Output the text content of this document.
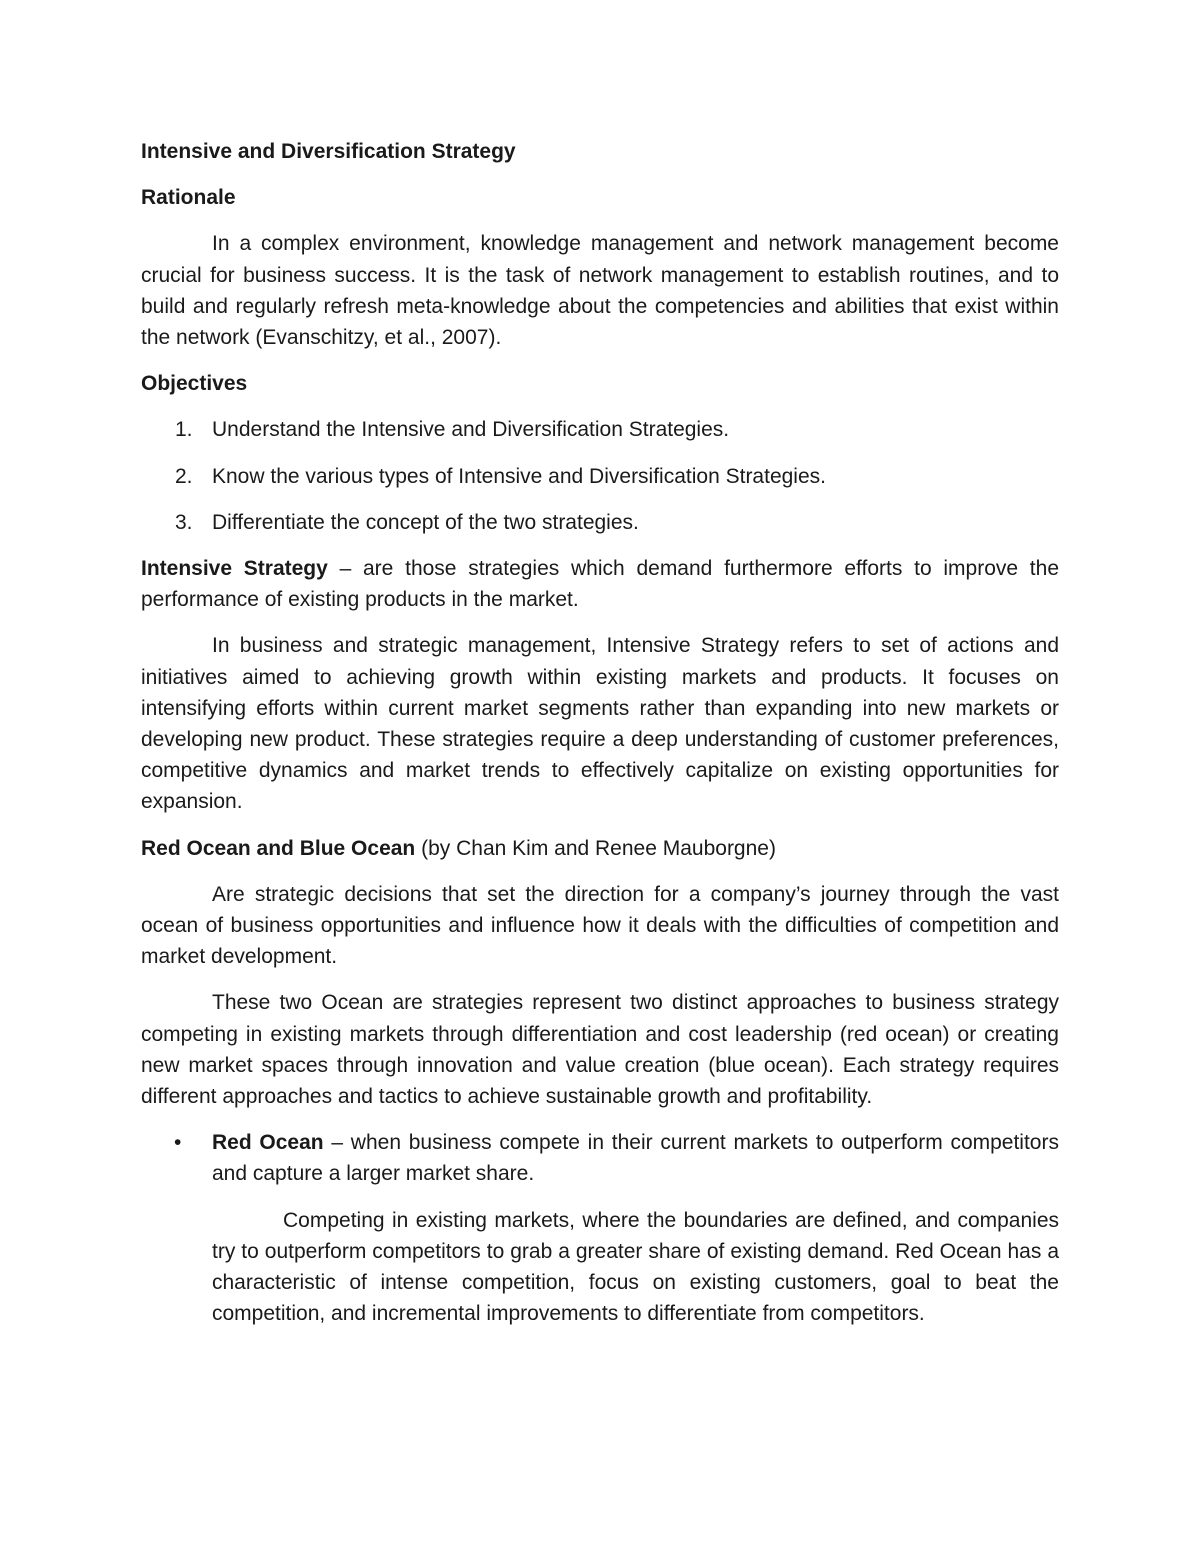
Intensive and Diversification Strategy
Rationale

In a complex environment, knowledge management and network management become crucial for business success. It is the task of network management to establish routines, and to build and regularly refresh meta-knowledge about the competencies and abilities that exist within the network (Evanschitzy, et al., 2007).

Objectives
1. Understand the Intensive and Diversification Strategies.
2. Know the various types of Intensive and Diversification Strategies.
3. Differentiate the concept of the two strategies.

Intensive Strategy – are those strategies which demand furthermore efforts to improve the performance of existing products in the market.

In business and strategic management, Intensive Strategy refers to set of actions and initiatives aimed to achieving growth within existing markets and products. It focuses on intensifying efforts within current market segments rather than expanding into new markets or developing new product. These strategies require a deep understanding of customer preferences, competitive dynamics and market trends to effectively capitalize on existing opportunities for expansion.

Red Ocean and Blue Ocean (by Chan Kim and Renee Mauborgne)

Are strategic decisions that set the direction for a company’s journey through the vast ocean of business opportunities and influence how it deals with the difficulties of competition and market development.

These two Ocean are strategies represent two distinct approaches to business strategy competing in existing markets through differentiation and cost leadership (red ocean) or creating new market spaces through innovation and value creation (blue ocean). Each strategy requires different approaches and tactics to achieve sustainable growth and profitability.

• Red Ocean – when business compete in their current markets to outperform competitors and capture a larger market share.

Competing in existing markets, where the boundaries are defined, and companies try to outperform competitors to grab a greater share of existing demand. Red Ocean has a characteristic of intense competition, focus on existing customers, goal to beat the competition, and incremental improvements to differentiate from competitors.
